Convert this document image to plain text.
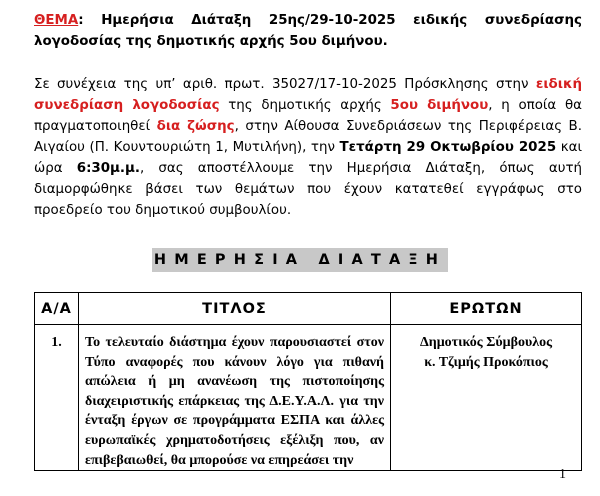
ΘΕΜΑ: Ημερήσια Διάταξη 25ης/29-10-2025 ειδικής συνεδρίασης λογοδοσίας της δημοτικής αρχής 5ου διμήνου.
Σε συνέχεια της υπ’ αριθ. πρωτ. 35027/17-10-2025 Πρόσκλησης στην ειδική συνεδρίαση λογοδοσίας της δημοτικής αρχής 5ου διμήνου, η οποία θα πραγματοποιηθεί δια ζώσης, στην Αίθουσα Συνεδριάσεων της Περιφέρειας Β. Αιγαίου (Π. Κουντουριώτη 1, Μυτιλήνη), την Τετάρτη 29 Οκτωβρίου 2025 και ώρα 6:30μ.μ., σας αποστέλλουμε την Ημερήσια Διάταξη, όπως αυτή διαμορφώθηκε βάσει των θεμάτων που έχουν κατατεθεί εγγράφως στο προεδρείο του δημοτικού συμβουλίου.
ΗΜΕΡΗΣΙΑ ΔΙΑΤΑΞΗ
Α/Α	ΤΙΤΛΟΣ	ΕΡΩΤΩΝ
1.	Το τελευταίο διάστημα έχουν παρουσιαστεί στον Τύπο αναφορές που κάνουν λόγο για πιθανή απώλεια ή μη ανανέωση της πιστοποίησης διαχειριστικής επάρκειας της Δ.Ε.Υ.Α.Λ. για την ένταξη έργων σε προγράμματα ΕΣΠΑ και άλλες ευρωπαϊκές χρηματοδοτήσεις εξέλιξη που, αν επιβεβαιωθεί, θα μπορούσε να επηρεάσει την	Δημοτικός Σύμβουλος
κ. Τζιμής Προκόπιος
1
